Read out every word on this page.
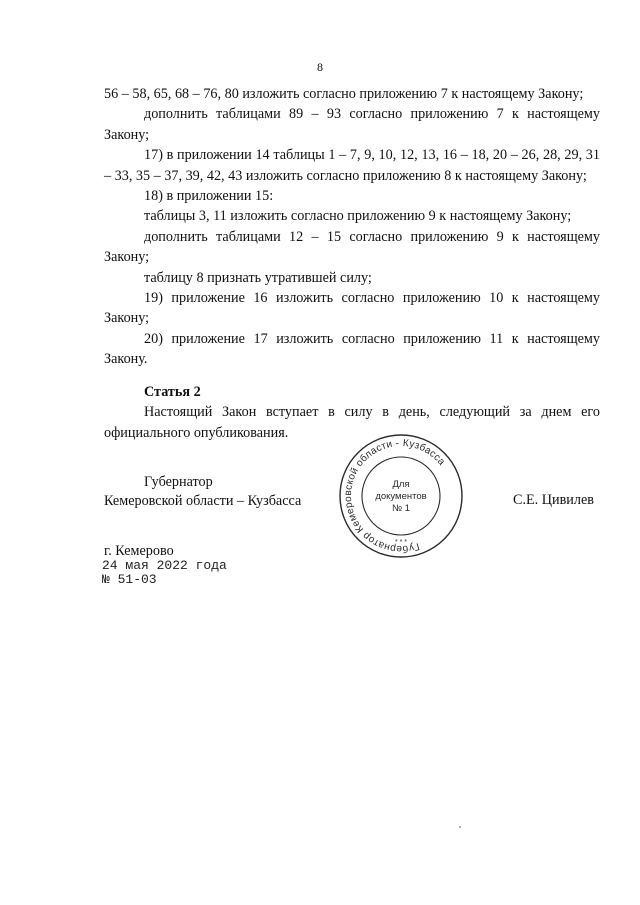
8

56 – 58, 65, 68 – 76, 80 изложить согласно приложению 7 к настоящему Закону;

дополнить таблицами 89 – 93 согласно приложению 7 к настоящему Закону;

17) в приложении 14 таблицы 1 – 7, 9, 10, 12, 13, 16 – 18, 20 – 26, 28, 29, 31 – 33, 35 – 37, 39, 42, 43 изложить согласно приложению 8 к настоящему Закону;

18) в приложении 15:

таблицы 3, 11 изложить согласно приложению 9 к настоящему Закону;

дополнить таблицами 12 – 15 согласно приложению 9 к настоящему Закону;

таблицу 8 признать утратившей силу;

19) приложение 16 изложить согласно приложению 10 к настоящему Закону;

20) приложение 17 изложить согласно приложению 11 к настоящему Закону.

Статья 2

Настоящий Закон вступает в силу в день, следующий за днем его официального опубликования.

Губернатор
Кемеровской области – Кузбасса
Губернатор Кемеровской области - Кузбасса
Для
документов
№ 1
* * *
С.Е. Цивилев
г. Кемерово
24 мая 2022 года
№ 51-03
